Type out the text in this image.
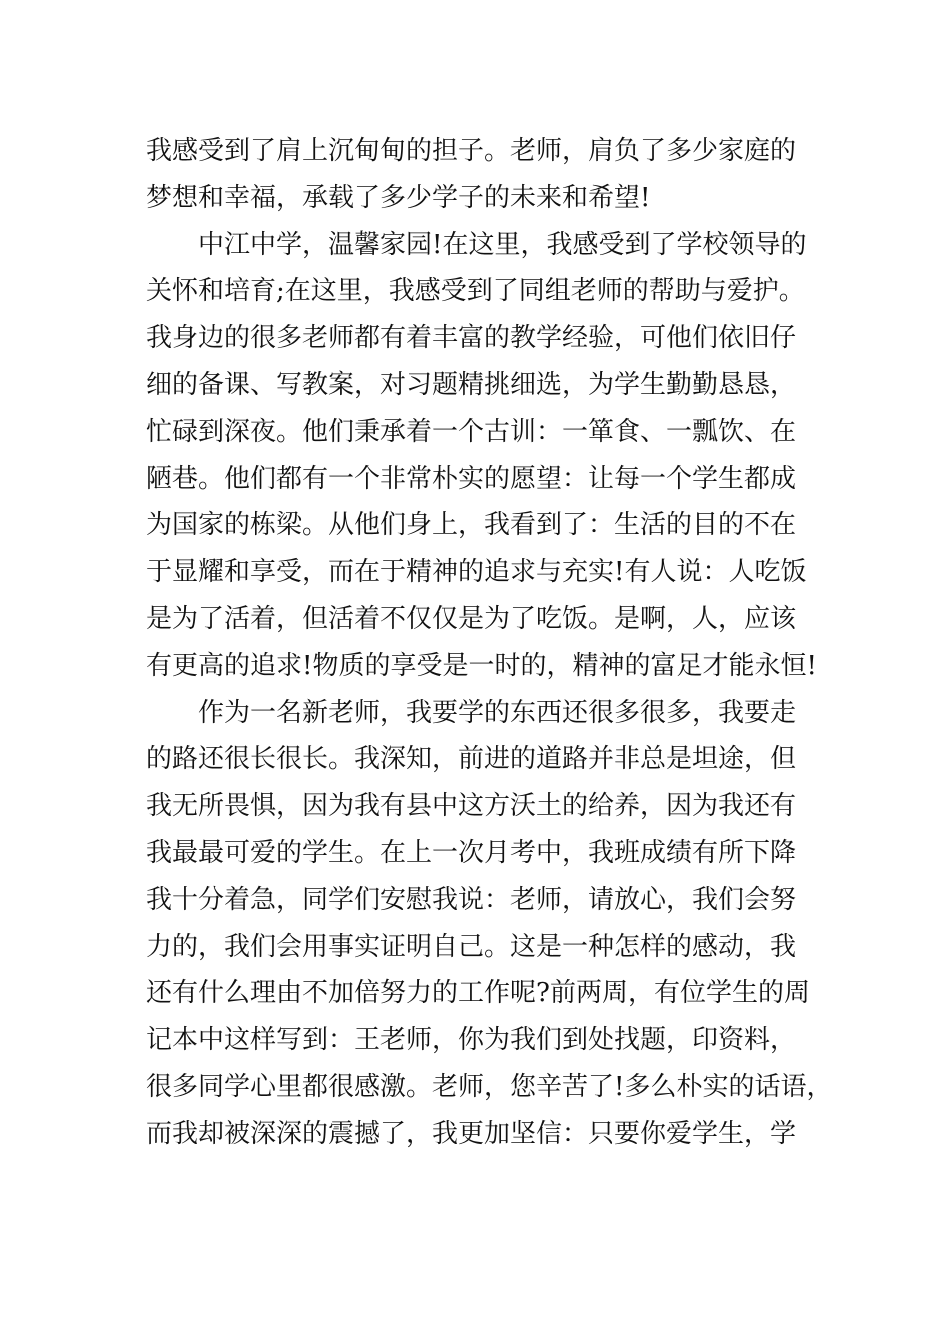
我感受到了肩上沉甸甸的担子。老师，肩负了多少家庭的
梦想和幸福，承载了多少学子的未来和希望!
中江中学，温馨家园!在这里，我感受到了学校领导的
关怀和培育;在这里，我感受到了同组老师的帮助与爱护。
我身边的很多老师都有着丰富的教学经验，可他们依旧仔
细的备课、写教案，对习题精挑细选，为学生勤勤恳恳，
忙碌到深夜。他们秉承着一个古训：一箪食、一瓢饮、在
陋巷。他们都有一个非常朴实的愿望：让每一个学生都成
为国家的栋梁。从他们身上，我看到了：生活的目的不在
于显耀和享受，而在于精神的追求与充实!有人说：人吃饭
是为了活着，但活着不仅仅是为了吃饭。是啊，人，应该
有更高的追求!物质的享受是一时的，精神的富足才能永恒!
作为一名新老师，我要学的东西还很多很多，我要走
的路还很长很长。我深知，前进的道路并非总是坦途，但
我无所畏惧，因为我有县中这方沃土的给养，因为我还有
我最最可爱的学生。在上一次月考中，我班成绩有所下降
我十分着急，同学们安慰我说：老师，请放心，我们会努
力的，我们会用事实证明自己。这是一种怎样的感动，我
还有什么理由不加倍努力的工作呢?前两周，有位学生的周
记本中这样写到：王老师，你为我们到处找题，印资料，
很多同学心里都很感激。老师，您辛苦了!多么朴实的话语，
而我却被深深的震撼了，我更加坚信：只要你爱学生，学
